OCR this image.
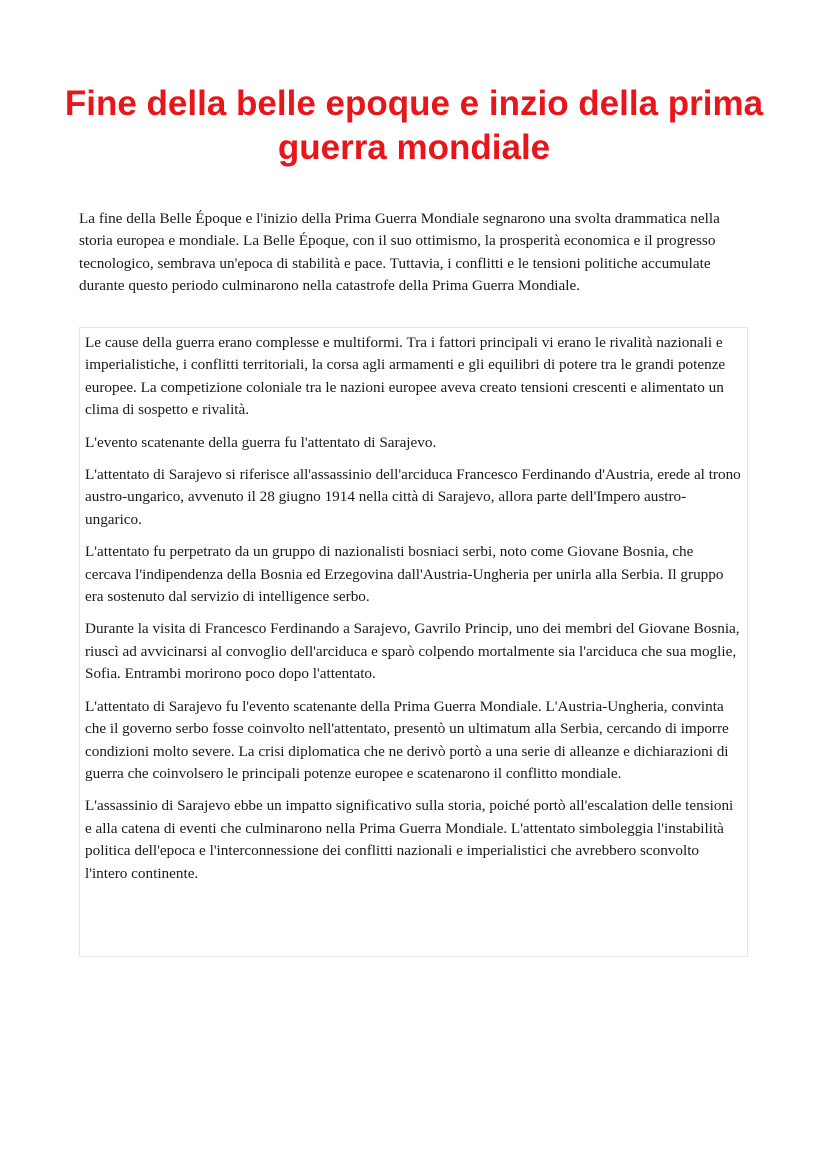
Fine della belle epoque e inzio della prima guerra mondiale

La fine della Belle Époque e l'inizio della Prima Guerra Mondiale segnarono una svolta drammatica nella storia europea e mondiale. La Belle Époque, con il suo ottimismo, la prosperità economica e il progresso tecnologico, sembrava un'epoca di stabilità e pace. Tuttavia, i conflitti e le tensioni politiche accumulate durante questo periodo culminarono nella catastrofe della Prima Guerra Mondiale.

Le cause della guerra erano complesse e multiformi. Tra i fattori principali vi erano le rivalità nazionali e imperialistiche, i conflitti territoriali, la corsa agli armamenti e gli equilibri di potere tra le grandi potenze europee. La competizione coloniale tra le nazioni europee aveva creato tensioni crescenti e alimentato un clima di sospetto e rivalità.

L'evento scatenante della guerra fu l'attentato di Sarajevo.

L'attentato di Sarajevo si riferisce all'assassinio dell'arciduca Francesco Ferdinando d'Austria, erede al trono austro-ungarico, avvenuto il 28 giugno 1914 nella città di Sarajevo, allora parte dell'Impero austro-ungarico.

L'attentato fu perpetrato da un gruppo di nazionalisti bosniaci serbi, noto come Giovane Bosnia, che cercava l'indipendenza della Bosnia ed Erzegovina dall'Austria-Ungheria per unirla alla Serbia. Il gruppo era sostenuto dal servizio di intelligence serbo.

Durante la visita di Francesco Ferdinando a Sarajevo, Gavrilo Princip, uno dei membri del Giovane Bosnia, riuscì ad avvicinarsi al convoglio dell'arciduca e sparò colpendo mortalmente sia l'arciduca che sua moglie, Sofia. Entrambi morirono poco dopo l'attentato.

L'attentato di Sarajevo fu l'evento scatenante della Prima Guerra Mondiale. L'Austria-Ungheria, convinta che il governo serbo fosse coinvolto nell'attentato, presentò un ultimatum alla Serbia, cercando di imporre condizioni molto severe. La crisi diplomatica che ne derivò portò a una serie di alleanze e dichiarazioni di guerra che coinvolsero le principali potenze europee e scatenarono il conflitto mondiale.

L'assassinio di Sarajevo ebbe un impatto significativo sulla storia, poiché portò all'escalation delle tensioni e alla catena di eventi che culminarono nella Prima Guerra Mondiale. L'attentato simboleggia l'instabilità politica dell'epoca e l'interconnessione dei conflitti nazionali e imperialistici che avrebbero sconvolto l'intero continente.
